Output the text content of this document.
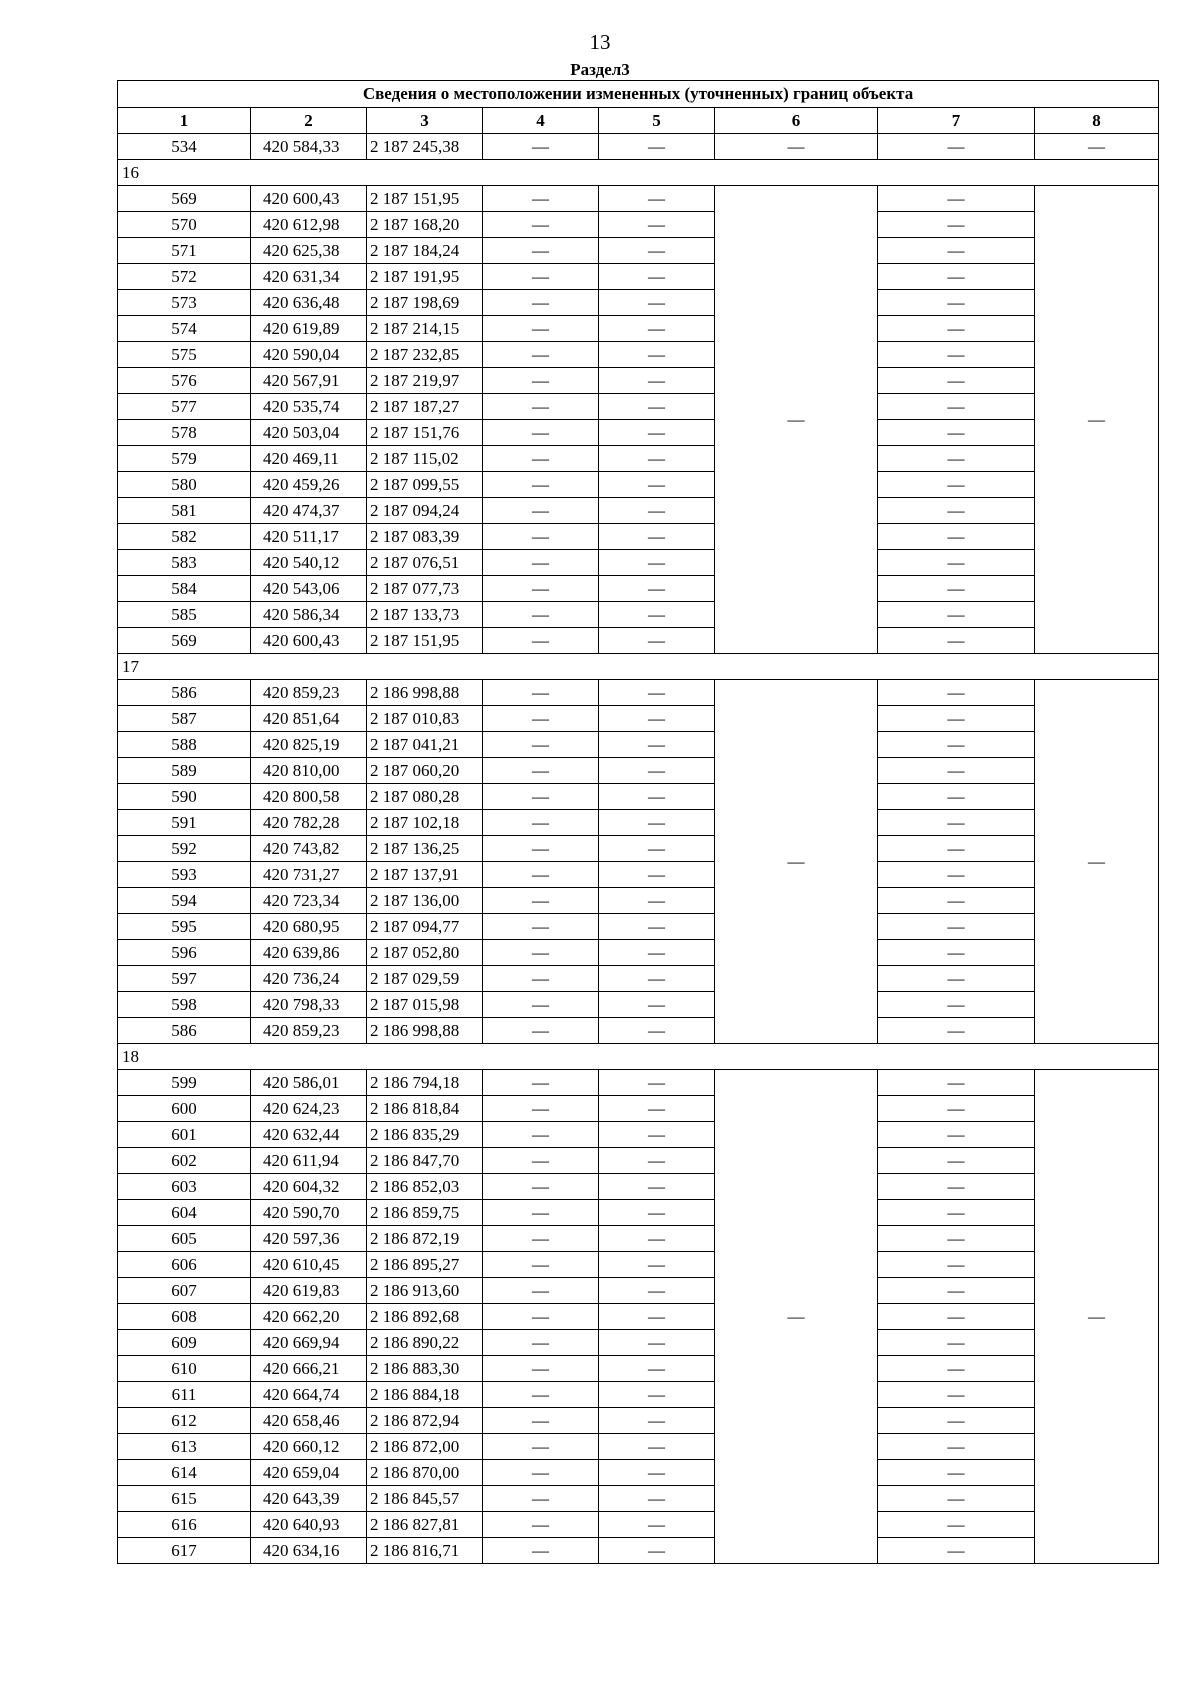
13
Раздел3
Сведения о местоположении измененных (уточненных) границ объекта							
1	2	3	4	5	6	7	8
534	420 584,33	2 187 245,38	—	—	—	—	—
16							
569	420 600,43	2 187 151,95	—	—	—	—	—
570	420 612,98	2 187 168,20	—	—		—	
571	420 625,38	2 187 184,24	—	—		—	
572	420 631,34	2 187 191,95	—	—		—	
573	420 636,48	2 187 198,69	—	—		—	
574	420 619,89	2 187 214,15	—	—		—	
575	420 590,04	2 187 232,85	—	—		—	
576	420 567,91	2 187 219,97	—	—		—	
577	420 535,74	2 187 187,27	—	—		—	
578	420 503,04	2 187 151,76	—	—		—	
579	420 469,11	2 187 115,02	—	—		—	
580	420 459,26	2 187 099,55	—	—		—	
581	420 474,37	2 187 094,24	—	—		—	
582	420 511,17	2 187 083,39	—	—		—	
583	420 540,12	2 187 076,51	—	—		—	
584	420 543,06	2 187 077,73	—	—		—	
585	420 586,34	2 187 133,73	—	—		—	
569	420 600,43	2 187 151,95	—	—		—	
17							
586	420 859,23	2 186 998,88	—	—	—	—	—
587	420 851,64	2 187 010,83	—	—		—	
588	420 825,19	2 187 041,21	—	—		—	
589	420 810,00	2 187 060,20	—	—		—	
590	420 800,58	2 187 080,28	—	—		—	
591	420 782,28	2 187 102,18	—	—		—	
592	420 743,82	2 187 136,25	—	—		—	
593	420 731,27	2 187 137,91	—	—		—	
594	420 723,34	2 187 136,00	—	—		—	
595	420 680,95	2 187 094,77	—	—		—	
596	420 639,86	2 187 052,80	—	—		—	
597	420 736,24	2 187 029,59	—	—		—	
598	420 798,33	2 187 015,98	—	—		—	
586	420 859,23	2 186 998,88	—	—		—	
18							
599	420 586,01	2 186 794,18	—	—	—	—	—
600	420 624,23	2 186 818,84	—	—		—	
601	420 632,44	2 186 835,29	—	—		—	
602	420 611,94	2 186 847,70	—	—		—	
603	420 604,32	2 186 852,03	—	—		—	
604	420 590,70	2 186 859,75	—	—		—	
605	420 597,36	2 186 872,19	—	—		—	
606	420 610,45	2 186 895,27	—	—		—	
607	420 619,83	2 186 913,60	—	—		—	
608	420 662,20	2 186 892,68	—	—		—	
609	420 669,94	2 186 890,22	—	—		—	
610	420 666,21	2 186 883,30	—	—		—	
611	420 664,74	2 186 884,18	—	—		—	
612	420 658,46	2 186 872,94	—	—		—	
613	420 660,12	2 186 872,00	—	—		—	
614	420 659,04	2 186 870,00	—	—		—	
615	420 643,39	2 186 845,57	—	—		—	
616	420 640,93	2 186 827,81	—	—		—	
617	420 634,16	2 186 816,71	—	—		—	
